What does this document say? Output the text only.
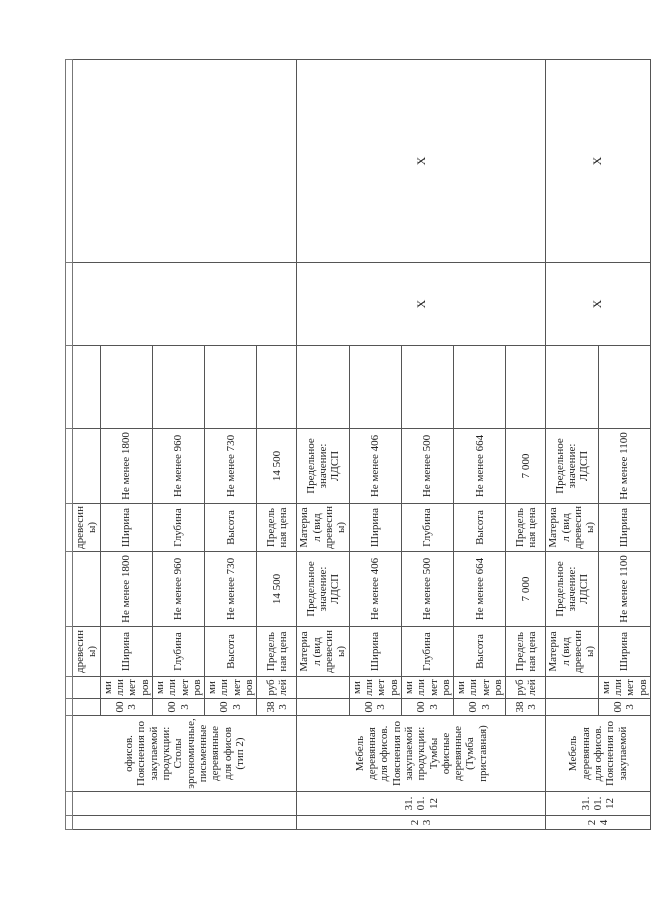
		офисов. Пояснения по закупаемой продукции: Столы эргономичные, письменные деревянные для офисов (тип 2)			древесины)		древесины)				
			003	миллиметров	Ширина	Не менее 1800	Ширина	Не менее 1800			
			003	миллиметров	Глубина	Не менее 960	Глубина	Не менее 960			
			003	миллиметров	Высота	Не менее 730	Высота	Не менее 730			
			383	рублей	Предельная цена	14 500	Предельная цена	14 500			
23	31.01.12	Мебель деревянная для офисов. Пояснения по закупаемой продукции: Тумбы офисные деревянные (Тумба приставная)			Материал (вид древесины)	Предельное значение: ЛДСП	Материал (вид древесины)	Предельное значение: ЛДСП		X	X
			003	миллиметров	Ширина	Не менее 406	Ширина	Не менее 406			
			003	миллиметров	Глубина	Не менее 500	Глубина	Не менее 500			
			003	миллиметров	Высота	Не менее 664	Высота	Не менее 664			
			383	рублей	Предельная цена	7 000	Предельная цена	7 000			
24	31.01.12	Мебель деревянная для офисов. Пояснения по закупаемой			Материал (вид древесины)	Предельное значение: ЛДСП	Материал (вид древесины)	Предельное значение: ЛДСП		X	X
			003	миллиметров	Ширина	Не менее 1100	Ширина	Не менее 1100			
